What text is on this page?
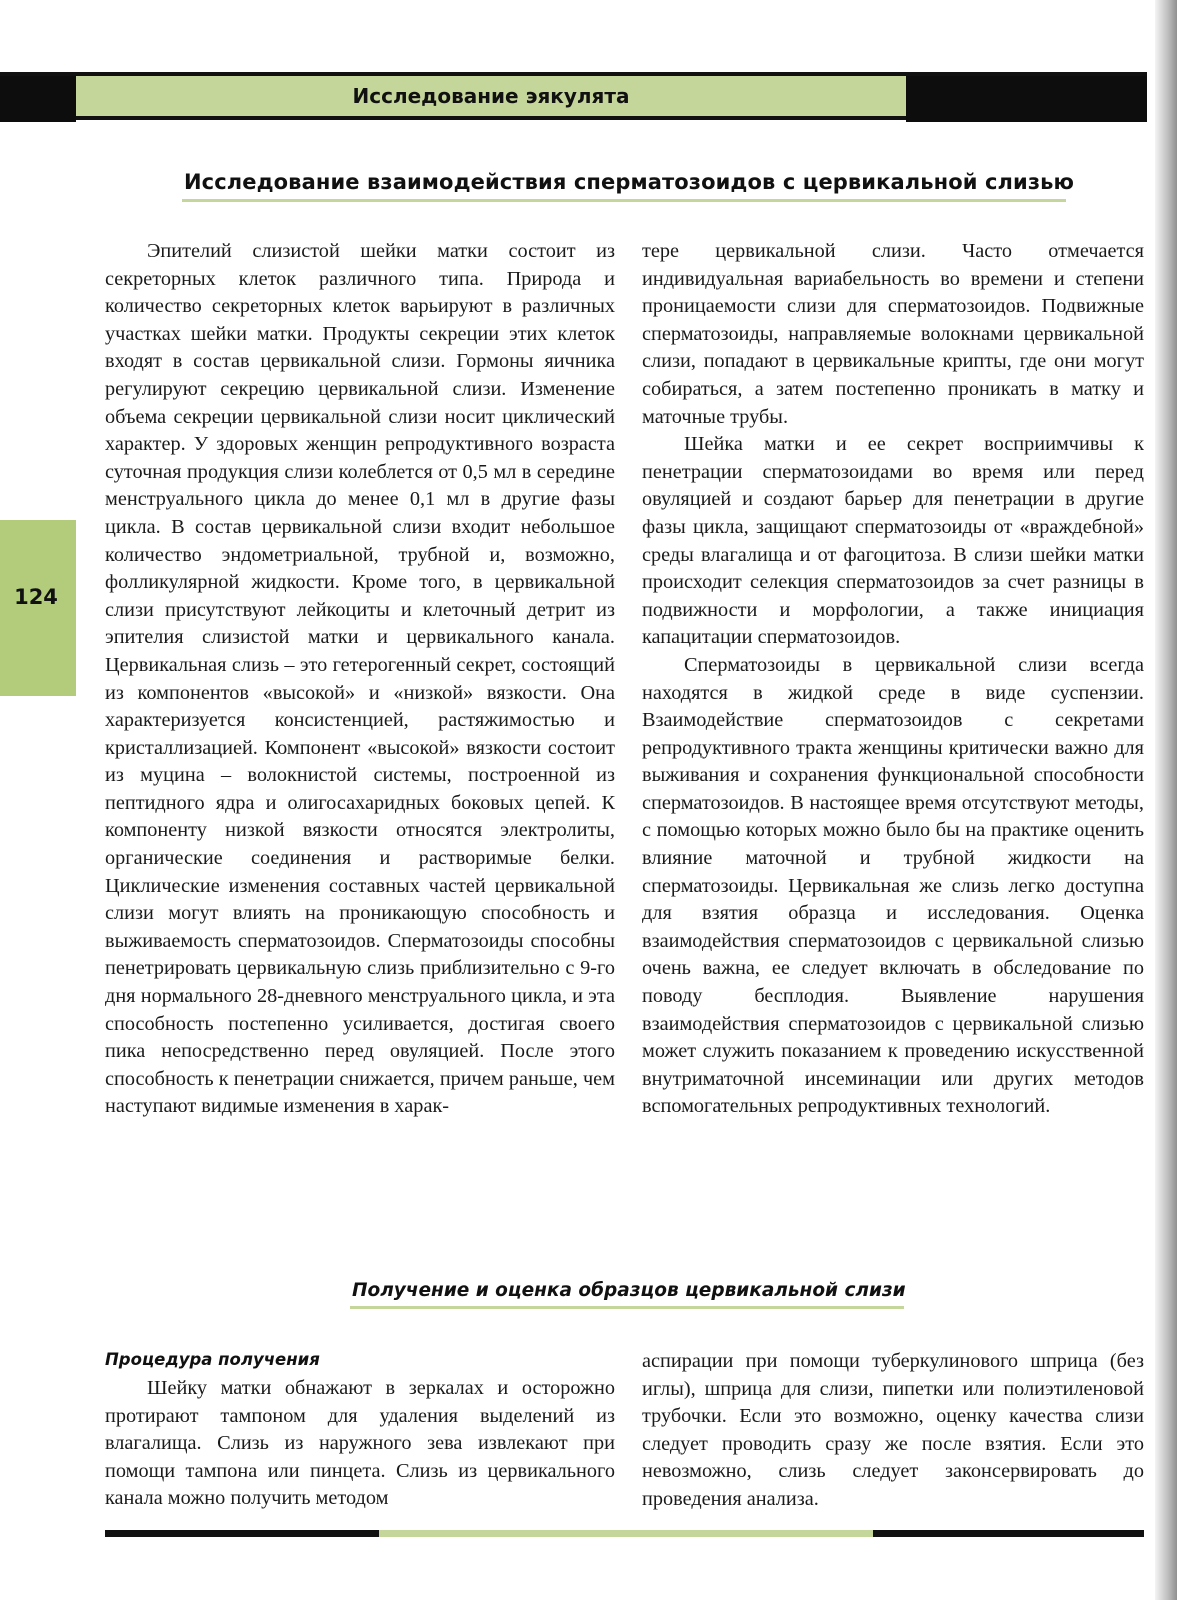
Исследование эякулята
Исследование взаимодействия сперматозоидов с цервикальной слизью
124

Эпителий слизистой шейки матки состоит из секреторных клеток различного типа. Природа и количество секреторных клеток варьируют в различных участках шейки матки. Продукты секреции этих клеток входят в состав цервикальной слизи. Гормоны яичника регулируют секрецию цервикальной слизи. Изменение объема секреции цервикальной слизи носит циклический характер. У здоровых женщин репродуктивного возраста суточная продукция слизи колеблется от 0,5 мл в середине менструального цикла до менее 0,1 мл в другие фазы цикла. В состав цервикальной слизи входит небольшое количество эндометриальной, трубной и, возможно, фолликулярной жидкости. Кроме того, в цервикальной слизи присутствуют лейкоциты и клеточный детрит из эпителия слизистой матки и цервикального канала. Цервикальная слизь – это гетерогенный секрет, состоящий из компонентов «высокой» и «низкой» вязкости. Она характеризуется консистенцией, растяжимостью и кристаллизацией. Компонент «высокой» вязкости состоит из муцина – волокнистой системы, построенной из пептидного ядра и олигосахаридных боковых цепей. К компоненту низкой вязкости относятся электролиты, органические соединения и растворимые белки. Циклические изменения составных частей цервикальной слизи могут влиять на проникающую способность и выживаемость сперматозоидов. Сперматозоиды способны пенетрировать цервикальную слизь приблизительно с 9-го дня нормального 28-дневного менструального цикла, и эта способность постепенно усиливается, достигая своего пика непосредственно перед овуляцией. После этого способность к пенетрации снижается, причем раньше, чем наступают видимые изменения в харак-

тере цервикальной слизи. Часто отмечается индивидуальная вариабельность во времени и степени проницаемости слизи для сперматозоидов. Подвижные сперматозоиды, направляемые волокнами цервикальной слизи, попадают в цервикальные крипты, где они могут собираться, а затем постепенно проникать в матку и маточные трубы.

Шейка матки и ее секрет восприимчивы к пенетрации сперматозоидами во время или перед овуляцией и создают барьер для пенетрации в другие фазы цикла, защищают сперматозоиды от «враждебной» среды влагалища и от фагоцитоза. В слизи шейки матки происходит селекция сперматозоидов за счет разницы в подвижности и морфологии, а также инициация капацитации сперматозоидов.

Сперматозоиды в цервикальной слизи всегда находятся в жидкой среде в виде суспензии. Взаимодействие сперматозоидов с секретами репродуктивного тракта женщины критически важно для выживания и сохранения функциональной способности сперматозоидов. В настоящее время отсутствуют методы, с помощью которых можно было бы на практике оценить влияние маточной и трубной жидкости на сперматозоиды. Цервикальная же слизь легко доступна для взятия образца и исследования. Оценка взаимодействия сперматозоидов с цервикальной слизью очень важна, ее следует включать в обследование по поводу бесплодия. Выявление нарушения взаимодействия сперматозоидов с цервикальной слизью может служить показанием к проведению искусственной внутриматочной инсеминации или других методов вспомогательных репродуктивных технологий.

Получение и оценка образцов цервикальной слизи
Процедура получения

Шейку матки обнажают в зеркалах и осторожно протирают тампоном для удаления выделений из влагалища. Слизь из наружного зева извлекают при помощи тампона или пинцета. Слизь из цервикального канала можно получить методом

аспирации при помощи туберкулинового шприца (без иглы), шприца для слизи, пипетки или полиэтиленовой трубочки. Если это возможно, оценку качества слизи следует проводить сразу же после взятия. Если это невозможно, слизь следует законсервировать до проведения анализа.
